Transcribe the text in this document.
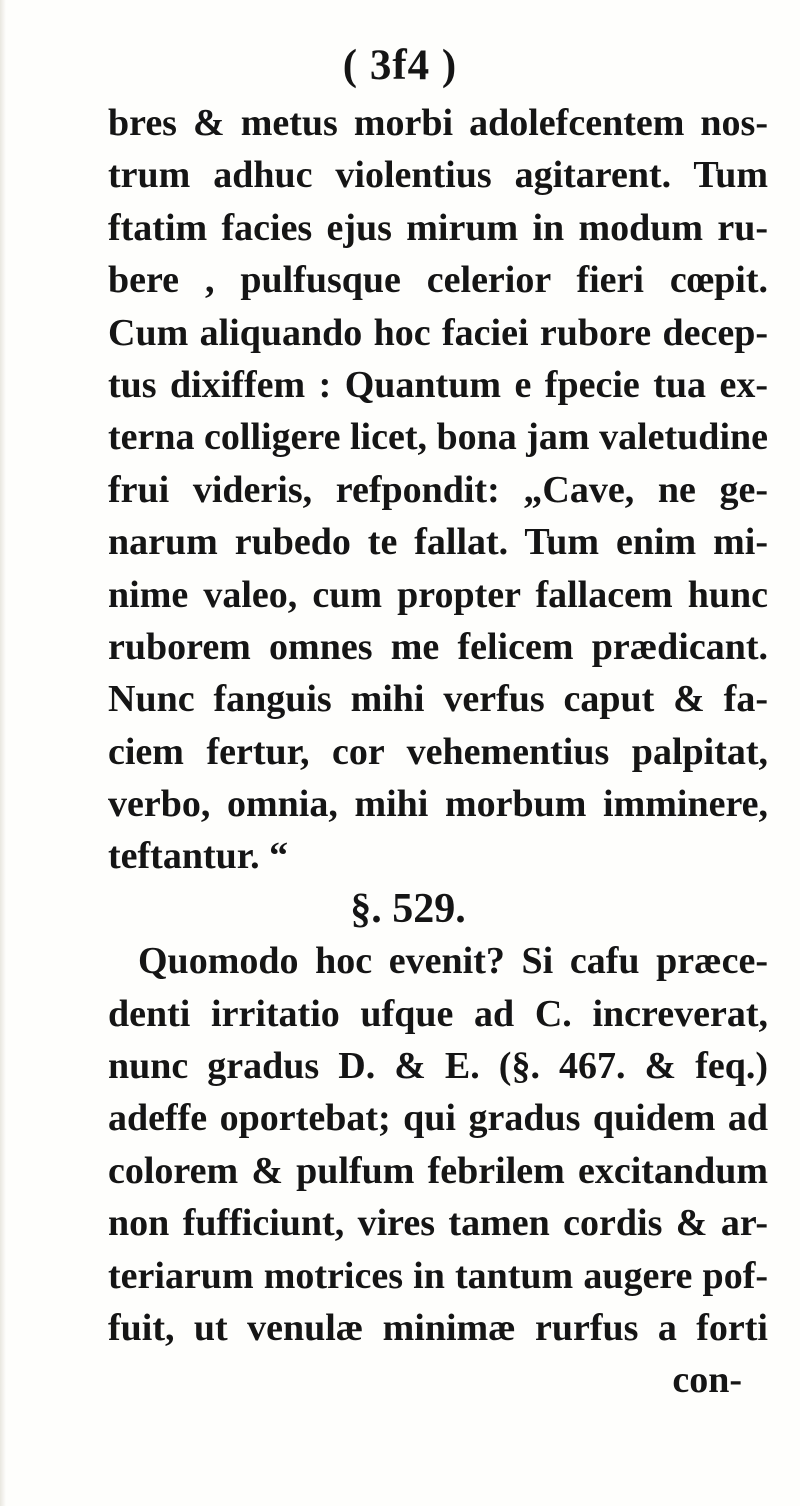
( 3f4 )
bres & metus morbi adolefcentem nos-
trum adhuc violentius agitarent. Tum
ftatim facies ejus mirum in modum ru-
bere , pulfusque celerior fieri cœpit.
Cum aliquando hoc faciei rubore decep-
tus dixiffem : Quantum e fpecie tua ex-
terna colligere licet, bona jam valetudine
frui videris, refpondit: „Cave, ne ge-
narum rubedo te fallat. Tum enim mi-
nime valeo, cum propter fallacem hunc
ruborem omnes me felicem prædicant.
Nunc fanguis mihi verfus caput & fa-
ciem fertur, cor vehementius palpitat,
verbo, omnia, mihi morbum imminere,
teftantur. “
§. 529.
Quomodo hoc evenit? Si cafu præce-
denti irritatio ufque ad C. increverat,
nunc gradus D. & E. (§. 467. & feq.)
adeffe oportebat; qui gradus quidem ad
colorem & pulfum febrilem excitandum
non fufficiunt, vires tamen cordis & ar-
teriarum motrices in tantum augere pof-
fuit, ut venulæ minimæ rurfus a forti
con-
